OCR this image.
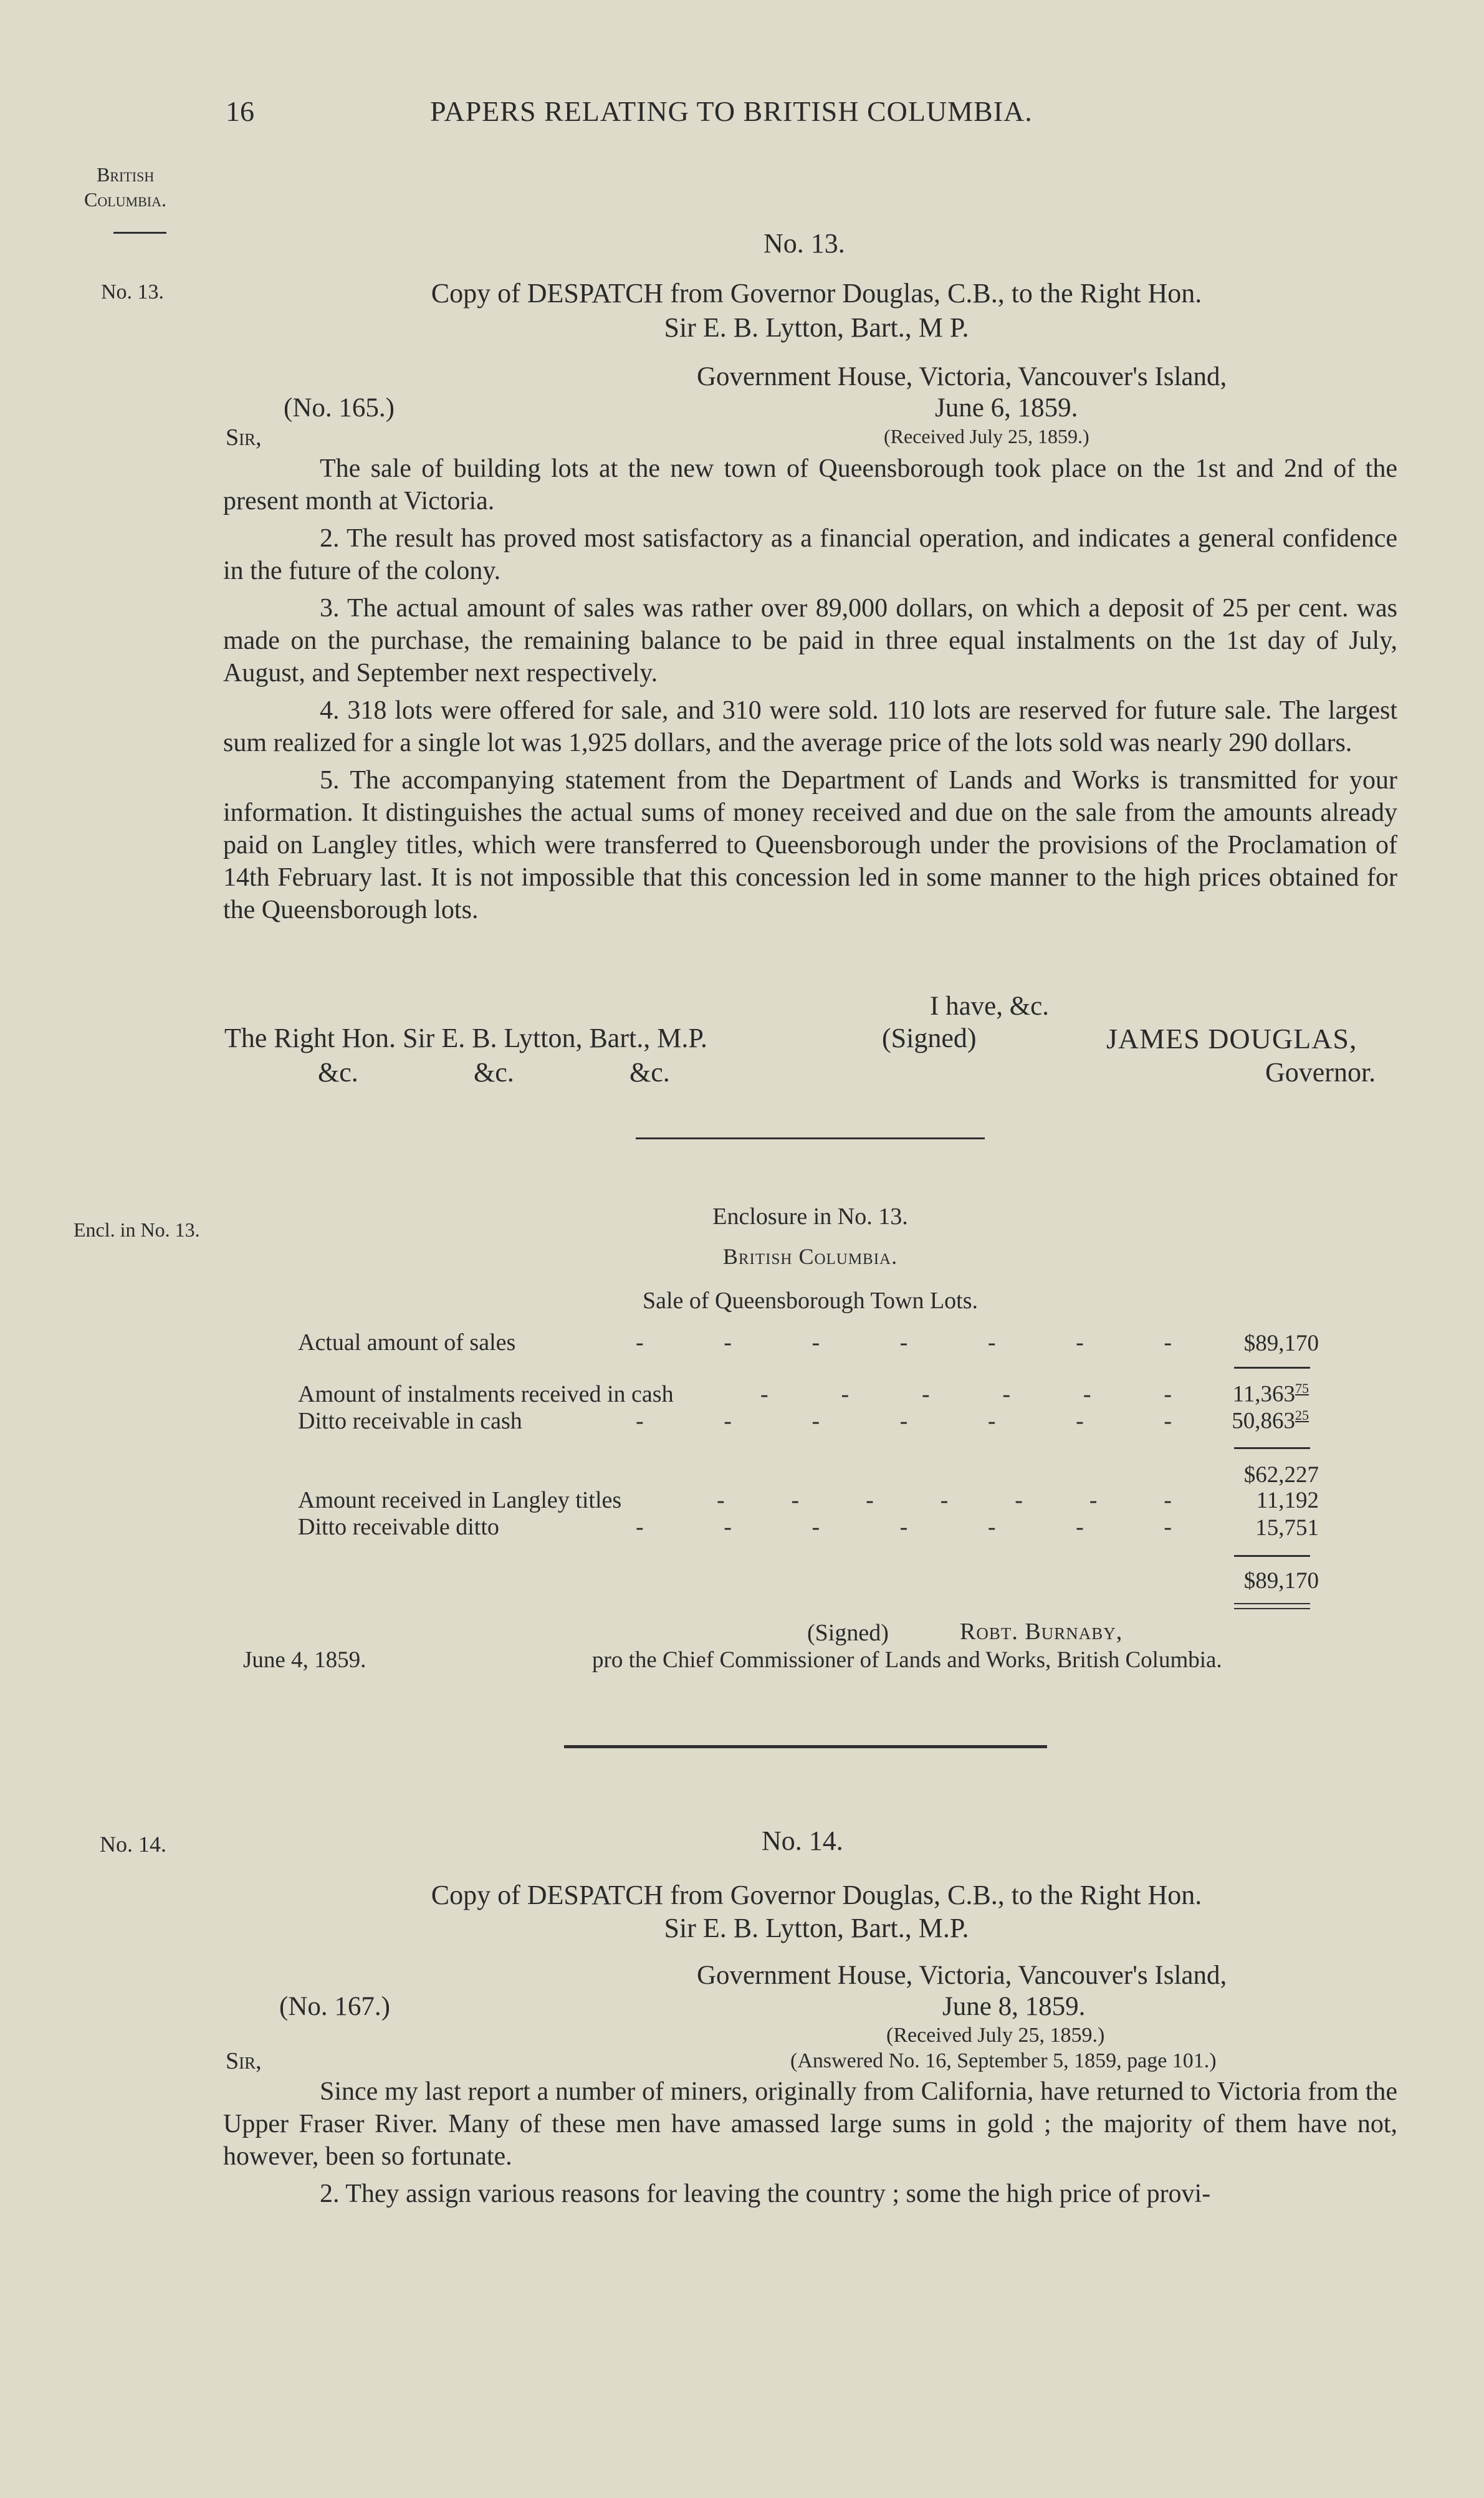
16	PAPERS RELATING TO BRITISH COLUMBIA.
British
Columbia.
No. 13.
No. 13.
Copy of DESPATCH from Governor Douglas, C.B., to the Right Hon.
Sir E. B. Lytton, Bart., M P.
Government House, Victoria, Vancouver's Island,
(No. 165.)	June 6, 1859.
Sir,	(Received July 25, 1859.)

The sale of building lots at the new town of Queensborough took place on the 1st and 2nd of the present month at Victoria.

2. The result has proved most satisfactory as a financial operation, and indicates a general confidence in the future of the colony.

3. The actual amount of sales was rather over 89,000 dollars, on which a deposit of 25 per cent. was made on the purchase, the remaining balance to be paid in three equal instalments on the 1st day of July, August, and September next respectively.

4. 318 lots were offered for sale, and 310 were sold. 110 lots are reserved for future sale. The largest sum realized for a single lot was 1,925 dollars, and the average price of the lots sold was nearly 290 dollars.

5. The accompanying statement from the Department of Lands and Works is transmitted for your information. It distinguishes the actual sums of money received and due on the sale from the amounts already paid on Langley titles, which were transferred to Queensborough under the provisions of the Proclamation of 14th February last. It is not impossible that this concession led in some manner to the high prices obtained for the Queensborough lots.

I have, &c.
The Right Hon. Sir E. B. Lytton, Bart., M.P.	(Signed)	JAMES DOUGLAS,
&c.	&c.	&c.	Governor.
Encl. in No. 13.	Enclosure in No. 13.
British Columbia.
Sale of Queensborough Town Lots.
Actual amount of sales	-	-	-	-	-	-	-	$89,170
Amount of instalments received in cash	-	-	-	-	-	-	11,363$^{75}$
Ditto receivable in cash	-	-	-	-	-	-	-	50,863$^{25}$
$62,227
Amount received in Langley titles	-	-	-	-	-	-	-	11,192
Ditto receivable ditto	-	-	-	-	-	-	-	15,751
$89,170
(Signed)	Robt. Burnaby,
June 4, 1859.	pro the Chief Commissioner of Lands and Works, British Columbia.
No. 14.	No. 14.
Copy of DESPATCH from Governor Douglas, C.B., to the Right Hon.
Sir E. B. Lytton, Bart., M.P.
Government House, Victoria, Vancouver's Island,
(No. 167.)	June 8, 1859.
(Received July 25, 1859.)
Sir,	(Answered No. 16, September 5, 1859, page 101.)

Since my last report a number of miners, originally from California, have returned to Victoria from the Upper Fraser River. Many of these men have amassed large sums in gold ; the majority of them have not, however, been so fortunate.

2. They assign various reasons for leaving the country ; some the high price of provi-
